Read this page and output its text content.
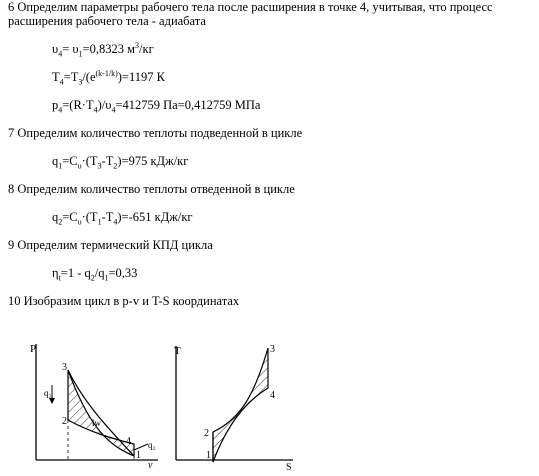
6 Определим параметры рабочего тела после расширения в точке 4, учитывая, что процесс
расширения рабочего тела - адиабата
$\upsilon_4= \upsilon_1=0,8323$ $м^3/кг$
$T_4=T_3/(e^{(k-1/k)})=1197$ К
$p_4=(R\cdot T_4)/\upsilon_4=412759$ Па=0,412759 МПа
7 Определим количество теплоты подведенной в цикле
$q_1=C_\upsilon\cdot(T_3-T_2)=975$ кДж/кг
8 Определим количество теплоты отведенной в цикле
$q_2=C_\upsilon\cdot(T_1-T_4)=-651$ кДж/кг
9 Определим термический КПД цикла
$\eta_t=1 - q_2/q_1=0,33$
10 Изобразим цикл в p-v и T-S координатах
P
v
3
2
4
1
q₁
q₂
lw
T
S
2
1
3
4
